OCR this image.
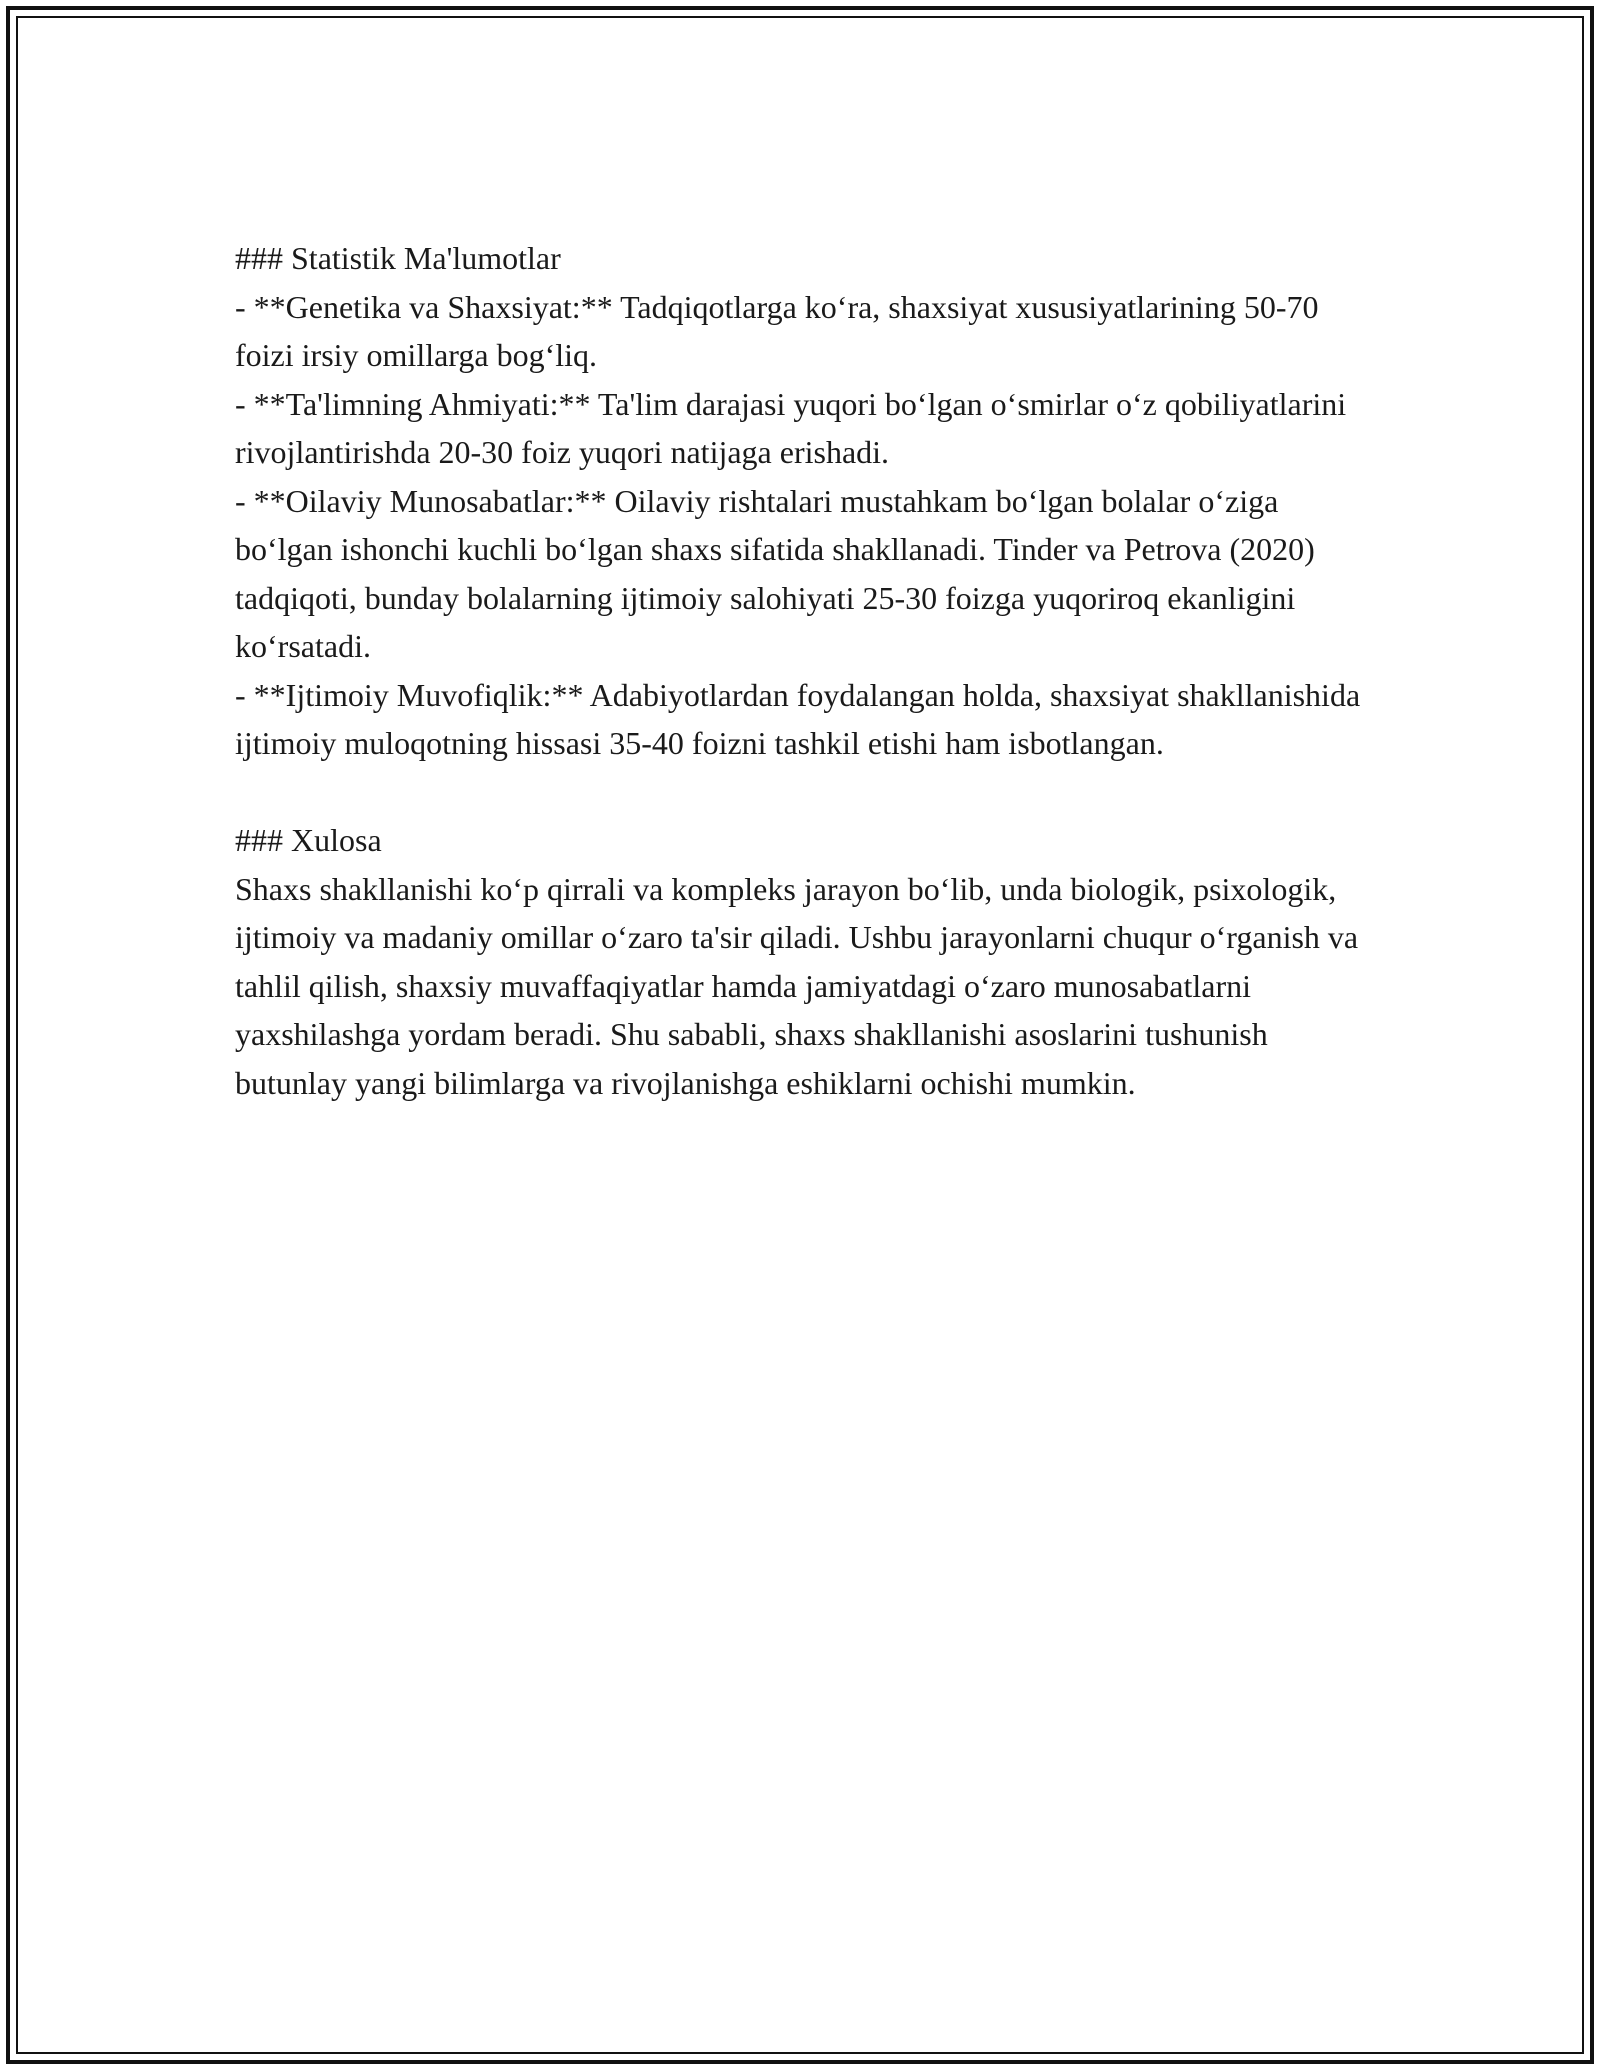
### Statistik Ma'lumotlar

- **Genetika va Shaxsiyat:** Tadqiqotlarga ko‘ra, shaxsiyat xususiyatlarining 50-70 foizi irsiy omillarga bog‘liq.

- **Ta'limning Ahmiyati:** Ta'lim darajasi yuqori bo‘lgan o‘smirlar o‘z qobiliyatlarini rivojlantirishda 20-30 foiz yuqori natijaga erishadi.

- **Oilaviy Munosabatlar:** Oilaviy rishtalari mustahkam bo‘lgan bolalar o‘ziga bo‘lgan ishonchi kuchli bo‘lgan shaxs sifatida shakllanadi. Tinder va Petrova (2020) tadqiqoti, bunday bolalarning ijtimoiy salohiyati 25-30 foizga yuqoriroq ekanligini ko‘rsatadi.

- **Ijtimoiy Muvofiqlik:** Adabiyotlardan foydalangan holda, shaxsiyat shakllanishida ijtimoiy muloqotning hissasi 35-40 foizni tashkil etishi ham isbotlangan.

### Xulosa

Shaxs shakllanishi ko‘p qirrali va kompleks jarayon bo‘lib, unda biologik, psixologik, ijtimoiy va madaniy omillar o‘zaro ta'sir qiladi. Ushbu jarayonlarni chuqur o‘rganish va tahlil qilish, shaxsiy muvaffaqiyatlar hamda jamiyatdagi o‘zaro munosabatlarni yaxshilashga yordam beradi. Shu sababli, shaxs shakllanishi asoslarini tushunish butunlay yangi bilimlarga va rivojlanishga eshiklarni ochishi mumkin.
